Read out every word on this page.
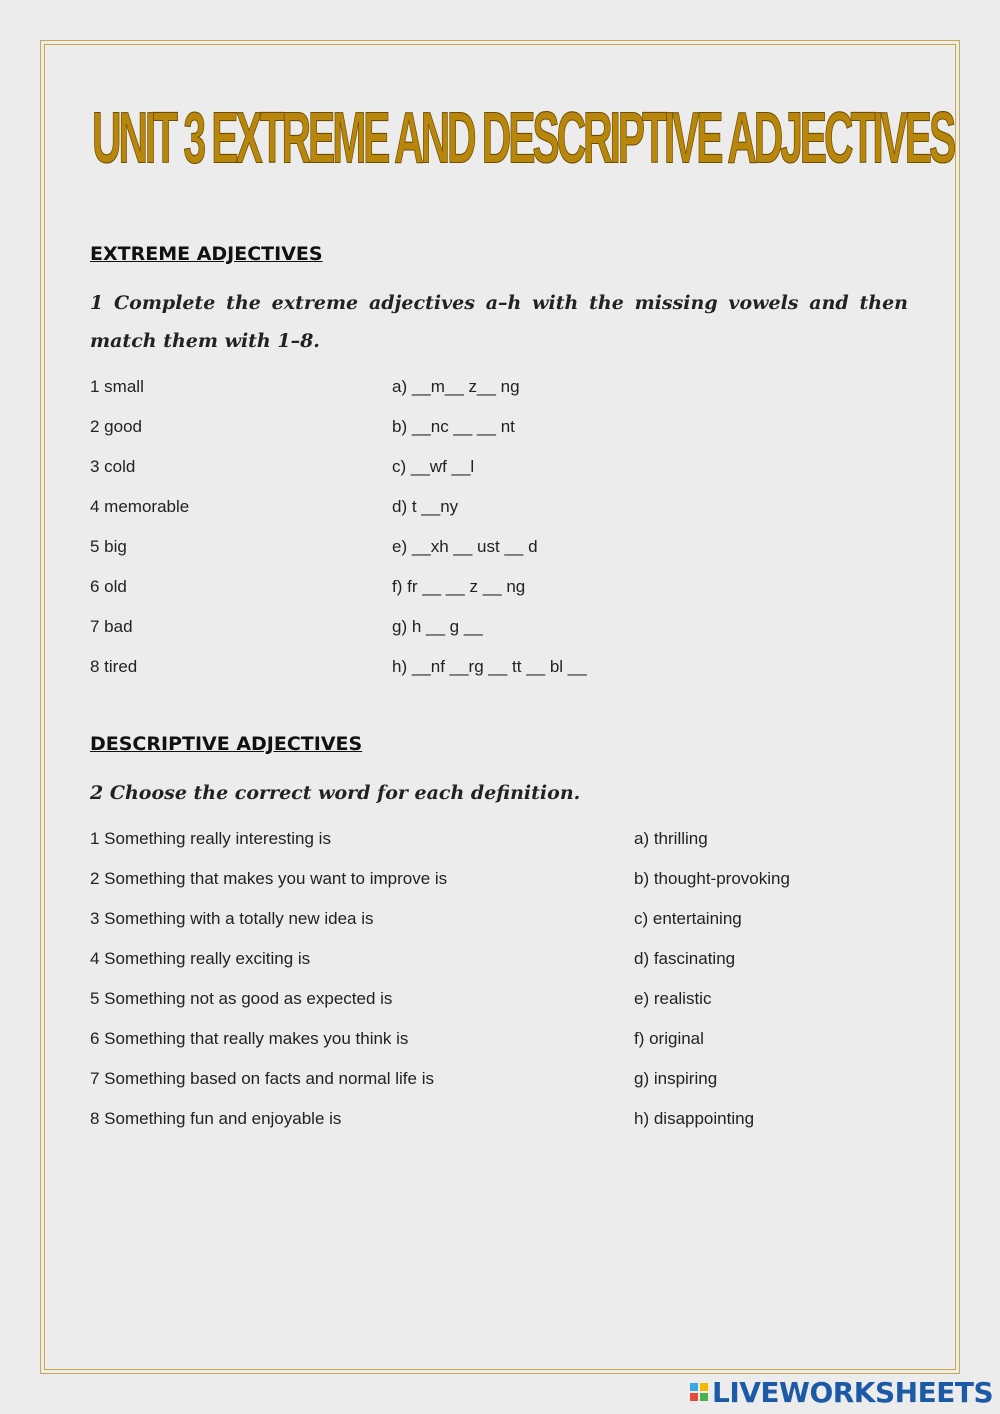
UNIT 3 EXTREME AND DESCRIPTIVE ADJECTIVES
EXTREME ADJECTIVES

1 Complete the extreme adjectives a–h with the missing vowels and then match them with 1–8.

1 small	a) __m__ z__ ng
2 good	b) __nc __ __ nt
3 cold	c) __wf __l
4 memorable	d) t __ny
5 big	e) __xh __ ust __ d
6 old	f) fr __ __ z __ ng
7 bad	g) h __ g __
8 tired	h) __nf __rg __ tt __ bl __
DESCRIPTIVE ADJECTIVES

2 Choose the correct word for each definition.

1 Something really interesting is	a) thrilling
2 Something that makes you want to improve is	b) thought-provoking
3 Something with a totally new idea is	c) entertaining
4 Something really exciting is	d) fascinating
5 Something not as good as expected is	e) realistic
6 Something that really makes you think is	f) original
7 Something based on facts and normal life is	g) inspiring
8 Something fun and enjoyable is	h) disappointing
LIVEWORKSHEETS
